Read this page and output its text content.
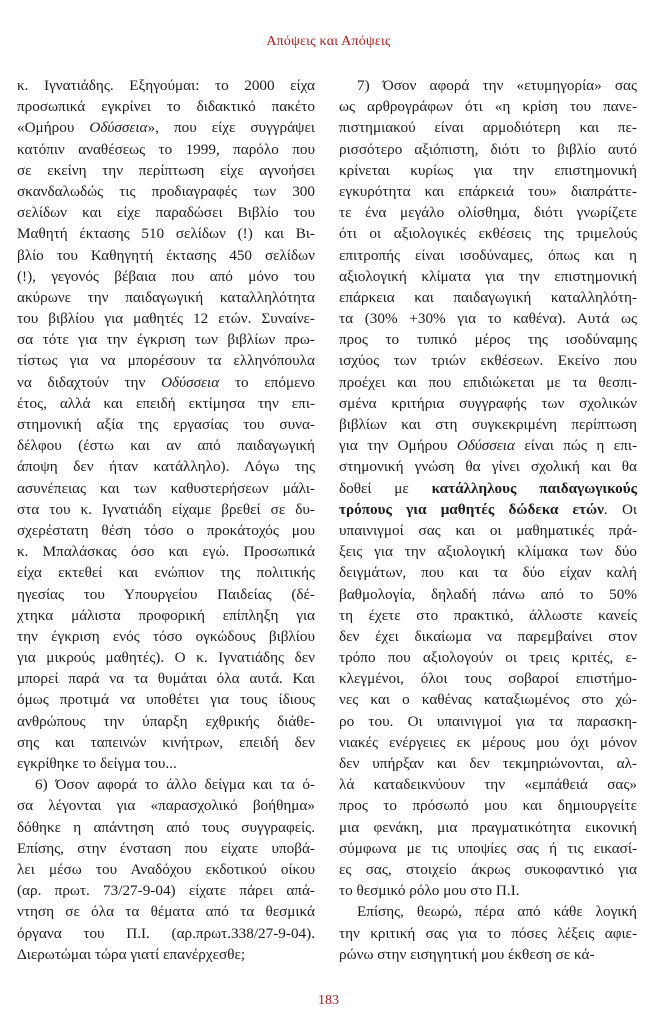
Απόψεις και Απόψεις
κ. Ιγνατιάδης. Εξηγούμαι: το 2000 είχα
προσωπικά εγκρίνει το διδακτικό πακέτο
«Ομήρου Οδύσσεια», που είχε συγγράψει
κατόπιν αναθέσεως το 1999, παρόλο που
σε εκείνη την περίπτωση είχε αγνοήσει
σκανδαλωδώς τις προδιαγραφές των 300
σελίδων και είχε παραδώσει Βιβλίο του
Μαθητή έκτασης 510 σελίδων (!) και Βι-
βλίο του Καθηγητή έκτασης 450 σελίδων
(!), γεγονός βέβαια που από μόνο του
ακύρωνε την παιδαγωγική καταλληλότητα
του βιβλίου για μαθητές 12 ετών. Συναίνε-
σα τότε για την έγκριση των βιβλίων πρω-
τίστως για να μπορέσουν τα ελληνόπουλα
να διδαχτούν την Οδύσσεια το επόμενο
έτος, αλλά και επειδή εκτίμησα την επι-
στημονική αξία της εργασίας του συνα-
δέλφου (έστω και αν από παιδαγωγική
άποψη δεν ήταν κατάλληλο). Λόγω της
ασυνέπειας και των καθυστερήσεων μάλι-
στα του κ. Ιγνατιάδη είχαμε βρεθεί σε δυ-
σχερέστατη θέση τόσο ο προκάτοχός μου
κ. Μπαλάσκας όσο και εγώ. Προσωπικά
είχα εκτεθεί και ενώπιον της πολιτικής
ηγεσίας του Υπουργείου Παιδείας (δέ-
χτηκα μάλιστα προφορική επίπληξη για
την έγκριση ενός τόσο ογκώδους βιβλίου
για μικρούς μαθητές). Ο κ. Ιγνατιάδης δεν
μπορεί παρά να τα θυμάται όλα αυτά. Και
όμως προτιμά να υποθέτει για τους ίδιους
ανθρώπους την ύπαρξη εχθρικής διάθε-
σης και ταπεινών κινήτρων, επειδή δεν
εγκρίθηκε το δείγμα του...
6) Όσον αφορά το άλλο δείγμα και τα ό-
σα λέγονται για «παρασχολικό βοήθημα»
δόθηκε η απάντηση από τους συγγραφείς.
Επίσης, στην ένσταση που είχατε υποβά-
λει μέσω του Αναδόχου εκδοτικού οίκου
(αρ. πρωτ. 73/27-9-04) είχατε πάρει απά-
ντηση σε όλα τα θέματα από τα θεσμικά
όργανα του Π.Ι. (αρ.πρωτ.338/27-9-04).
Διερωτώμαι τώρα γιατί επανέρχεσθε;
7) Όσον αφορά την «ετυμηγορία» σας
ως αρθρογράφων ότι «η κρίση του πανε-
πιστημιακού είναι αρμοδιότερη και πε-
ρισσότερο αξιόπιστη, διότι το βιβλίο αυτό
κρίνεται κυρίως για την επιστημονική
εγκυρότητα και επάρκειά του» διαπράττε-
τε ένα μεγάλο ολίσθημα, διότι γνωρίζετε
ότι οι αξιολογικές εκθέσεις της τριμελούς
επιτροπής είναι ισοδύναμες, όπως και η
αξιολογική κλίματα για την επιστημονική
επάρκεια και παιδαγωγική καταλληλότη-
τα (30% +30% για το καθένα). Αυτά ως
προς το τυπικό μέρος της ισοδύναμης
ισχύος των τριών εκθέσεων. Εκείνο που
προέχει και που επιδιώκεται με τα θεσπι-
σμένα κριτήρια συγγραφής των σχολικών
βιβλίων και στη συγκεκριμένη περίπτωση
για την Ομήρου Οδύσσεια είναι πώς η επι-
στημονική γνώση θα γίνει σχολική και θα
δοθεί με κατάλληλους παιδαγωγικούς
τρόπους για μαθητές δώδεκα ετών. Οι
υπαινιγμοί σας και οι μαθηματικές πρά-
ξεις για την αξιολογική κλίμακα των δύο
δειγμάτων, που και τα δύο είχαν καλή
βαθμολογία, δηλαδή πάνω από το 50%
τη έχετε στο πρακτικό, άλλωστε κανείς
δεν έχει δικαίωμα να παρεμβαίνει στον
τρόπο που αξιολογούν οι τρεις κριτές, ε-
κλεγμένοι, όλοι τους σοβαροί επιστήμο-
νες και ο καθένας καταξιωμένος στο χώ-
ρο του. Οι υπαινιγμοί για τα παρασκη-
νιακές ενέργειες εκ μέρους μου όχι μόνον
δεν υπήρξαν και δεν τεκμηριώνονται, αλ-
λά καταδεικνύουν την «εμπάθειά σας»
προς το πρόσωπό μου και δημιουργείτε
μια φενάκη, μια πραγματικότητα εικονική
σύμφωνα με τις υποψίες σας ή τις εικασί-
ες σας, στοιχείο άκρως συκοφαντικό για
το θεσμικό ρόλο μου στο Π.Ι.
Επίσης, θεωρώ, πέρα από κάθε λογική
την κριτική σας για το πόσες λέξεις αφιε-
ρώνω στην εισηγητική μου έκθεση σε κά-
183
